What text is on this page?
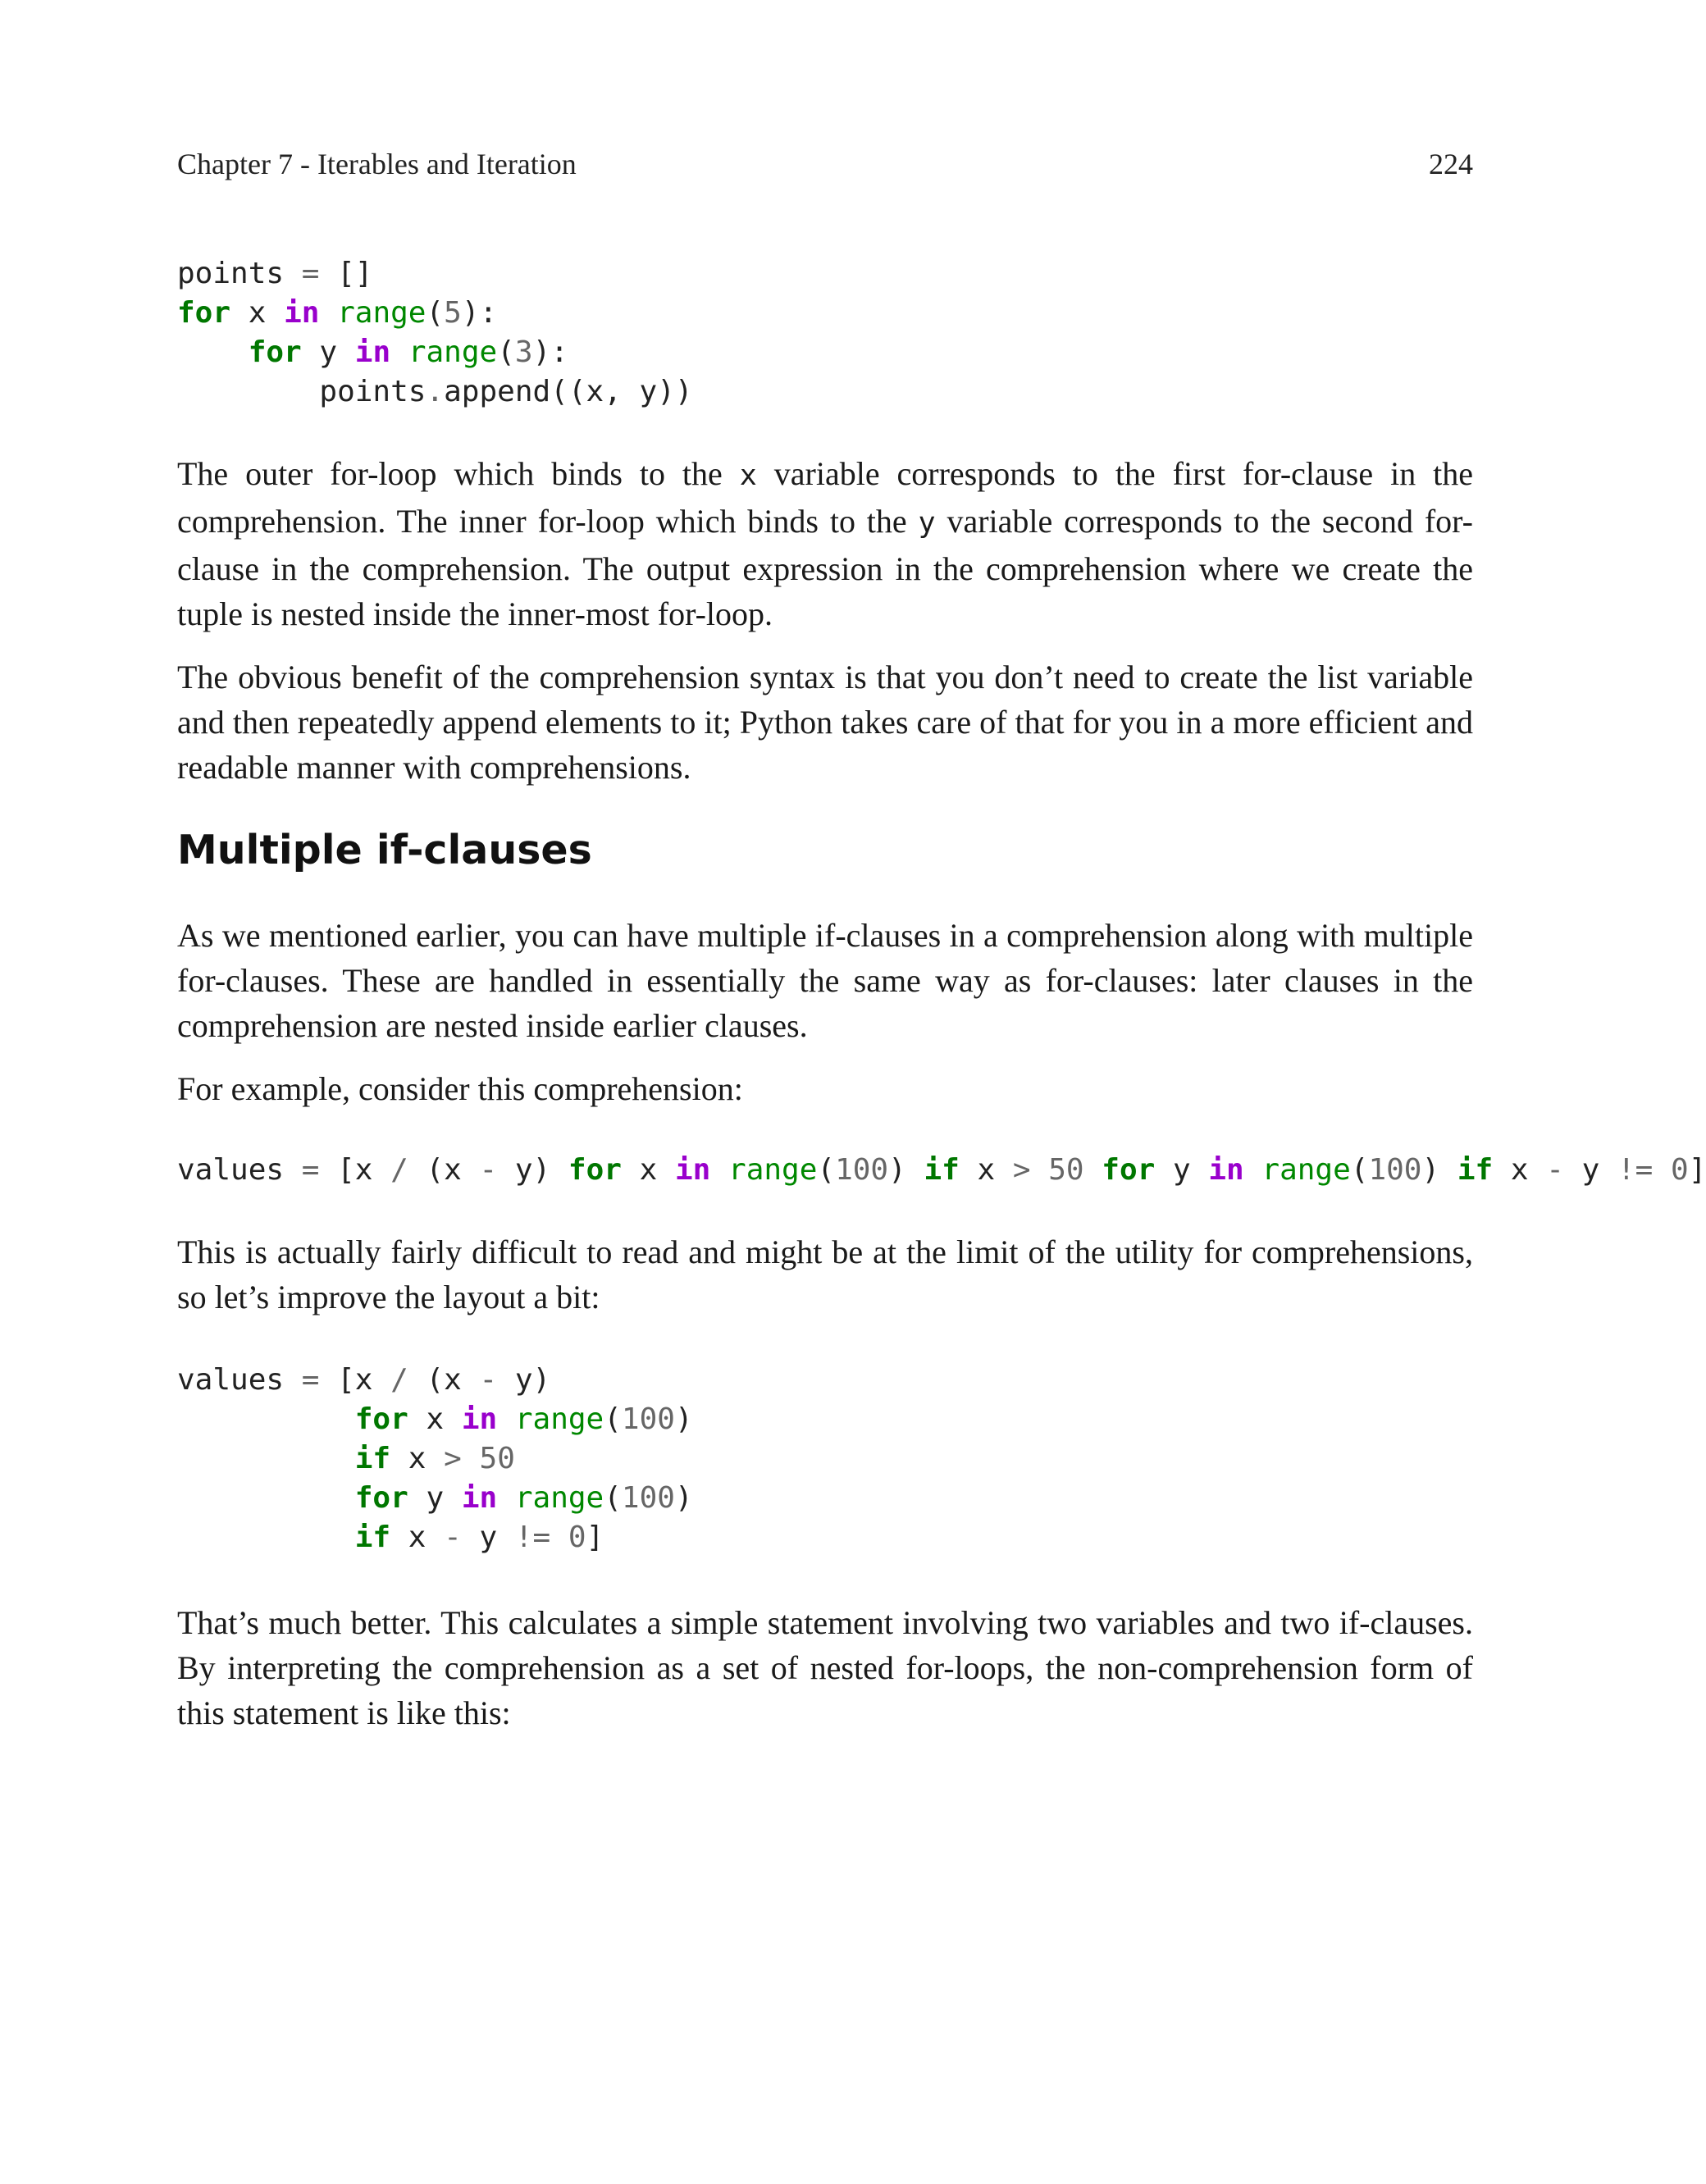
Chapter 7 - Iterables and Iteration	224
points = []
for x in range(5):
for y in range(3):
points.append((x, y))

The outer for-loop which binds to the x variable corresponds to the first for-clause in the comprehension. The inner for-loop which binds to the y variable corresponds to the second for-clause in the comprehension. The output expression in the comprehension where we create the tuple is nested inside the inner-most for-loop.

The obvious benefit of the comprehension syntax is that you don’t need to create the list variable and then repeatedly append elements to it; Python takes care of that for you in a more efficient and readable manner with comprehensions.

Multiple if-clauses

As we mentioned earlier, you can have multiple if-clauses in a comprehension along with multiple for-clauses. These are handled in essentially the same way as for-clauses: later clauses in the comprehension are nested inside earlier clauses.

For example, consider this comprehension:

values = [x / (x - y) for x in range(100) if x > 50 for y in range(100) if x - y != 0]

This is actually fairly difficult to read and might be at the limit of the utility for comprehensions, so let’s improve the layout a bit:

values = [x / (x - y)
for x in range(100)
if x > 50
for y in range(100)
if x - y != 0]

That’s much better. This calculates a simple statement involving two variables and two if-clauses. By interpreting the comprehension as a set of nested for-loops, the non-comprehension form of this statement is like this:
